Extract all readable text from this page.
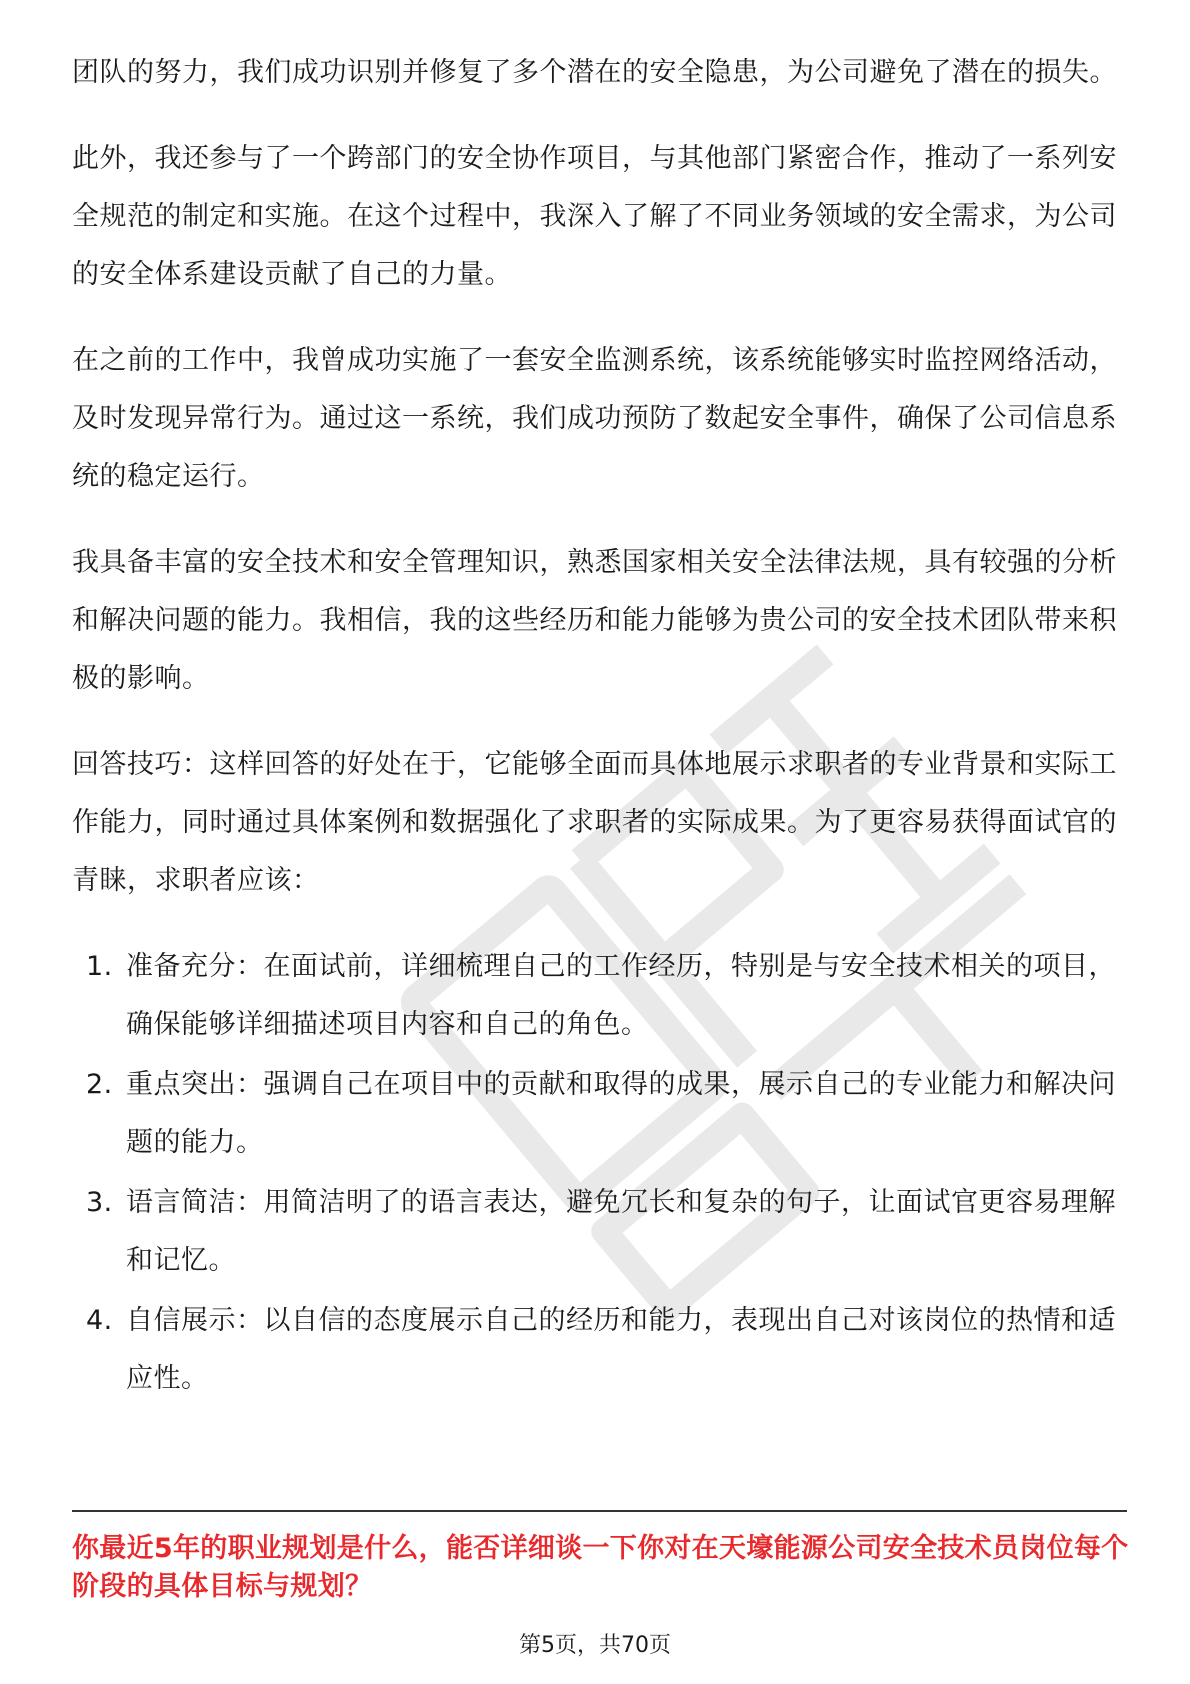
职场密码

团队的努力，我们成功识别并修复了多个潜在的安全隐患，为公司避免了潜在的损失。

此外，我还参与了一个跨部门的安全协作项目，与其他部门紧密合作，推动了一系列安全规范的制定和实施。在这个过程中，我深入了解了不同业务领域的安全需求，为公司的安全体系建设贡献了自己的力量。

在之前的工作中，我曾成功实施了一套安全监测系统，该系统能够实时监控网络活动，及时发现异常行为。通过这一系统，我们成功预防了数起安全事件，确保了公司信息系统的稳定运行。

我具备丰富的安全技术和安全管理知识，熟悉国家相关安全法律法规，具有较强的分析和解决问题的能力。我相信，我的这些经历和能力能够为贵公司的安全技术团队带来积极的影响。

回答技巧：这样回答的好处在于，它能够全面而具体地展示求职者的专业背景和实际工作能力，同时通过具体案例和数据强化了求职者的实际成果。为了更容易获得面试官的青睐，求职者应该：

1. 准备充分：在面试前，详细梳理自己的工作经历，特别是与安全技术相关的项目，确保能够详细描述项目内容和自己的角色。
2. 重点突出：强调自己在项目中的贡献和取得的成果，展示自己的专业能力和解决问题的能力。
3. 语言简洁：用简洁明了的语言表达，避免冗长和复杂的句子，让面试官更容易理解和记忆。
4. 自信展示：以自信的态度展示自己的经历和能力，表现出自己对该岗位的热情和适应性。
你最近5年的职业规划是什么，能否详细谈一下你对在天壕能源公司安全技术员岗位每个阶段的具体目标与规划？
第5页，共70页
